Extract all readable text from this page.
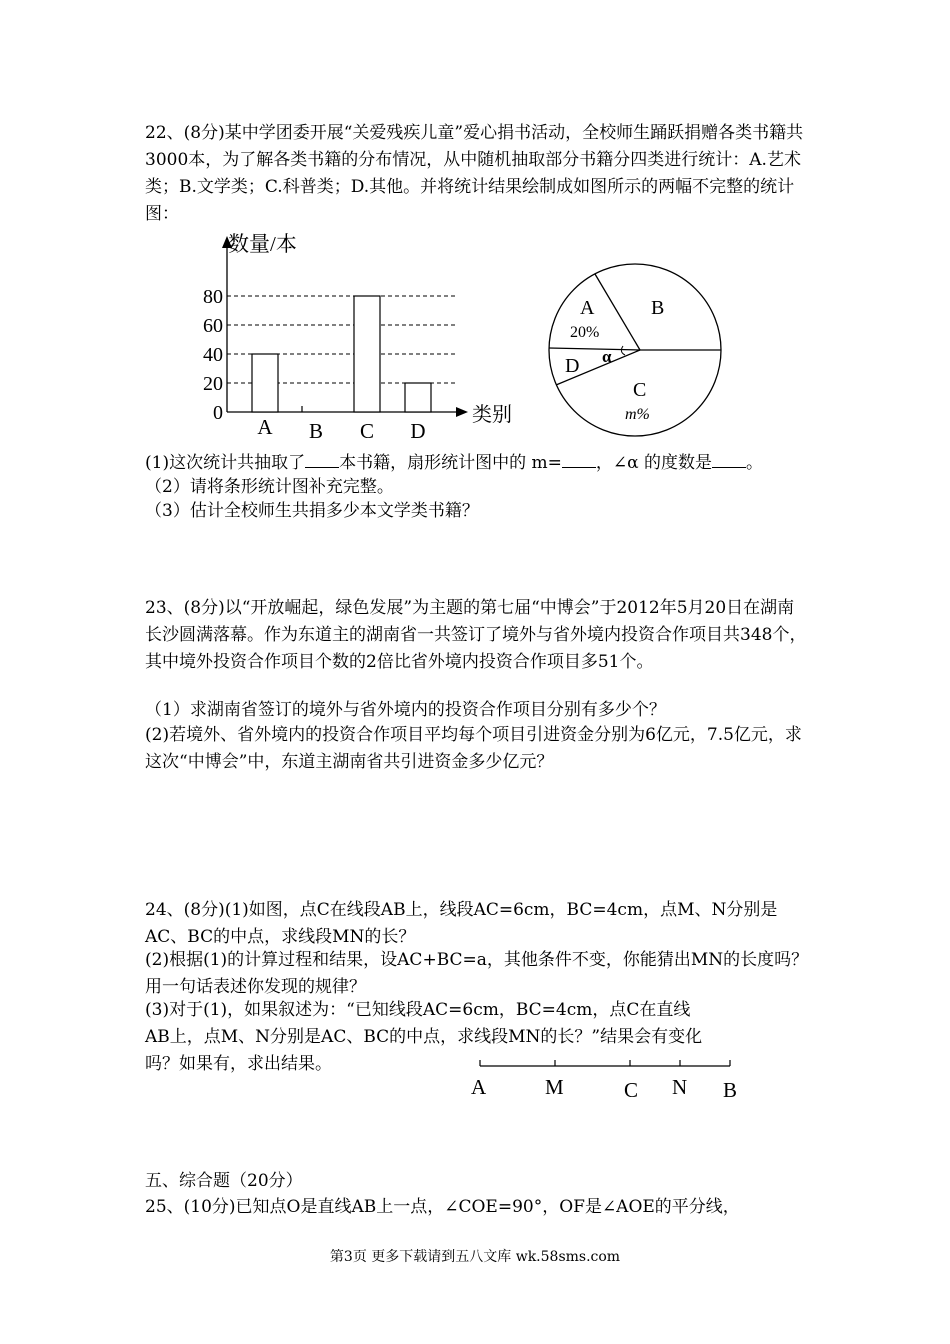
22、(8分)某中学团委开展“关爱残疾儿童”爱心捐书活动，全校师生踊跃捐赠各类书籍共3000本，为了解各类书籍的分布情况，从中随机抽取部分书籍分四类进行统计：A.艺术类；B.文学类；C.科普类；D.其他。并将统计结果绘制成如图所示的两幅不完整的统计图：

数量/本
类别
0
20
40
60
80
A B C D
A
20%
B
D α
C
m%
(1)这次统计共抽取了 本书籍，扇形统计图中的 m= ，∠α 的度数是 。
（2）请将条形统计图补充完整。
（3）估计全校师生共捐多少本文学类书籍？

23、(8分)以“开放崛起，绿色发展”为主题的第七届“中博会”于2012年5月20日在湖南长沙圆满落幕。作为东道主的湖南省一共签订了境外与省外境内投资合作项目共348个，其中境外投资合作项目个数的2倍比省外境内投资合作项目多51个。

（1）求湖南省签订的境外与省外境内的投资合作项目分别有多少个？

(2)若境外、省外境内的投资合作项目平均每个项目引进资金分别为6亿元，7.5亿元，求这次“中博会”中，东道主湖南省共引进资金多少亿元？

24、(8分)(1)如图，点C在线段AB上，线段AC=6cm，BC=4cm，点M、N分别是AC、BC的中点，求线段MN的长？

(2)根据(1)的计算过程和结果，设AC+BC=a，其他条件不变，你能猜出MN的长度吗？用一句话表述你发现的规律？

(3)对于(1)，如果叙述为：“已知线段AC=6cm，BC=4cm，点C在直线AB上，点M、N分别是AC、BC的中点，求线段MN的长？”结果会有变化吗？如果有，求出结果。

A	M	C N B
五、综合题（20分）
25、(10分)已知点O是直线AB上一点，∠COE=90°，OF是∠AOE的平分线，
第3页 更多下载请到五八文库 wk.58sms.com
